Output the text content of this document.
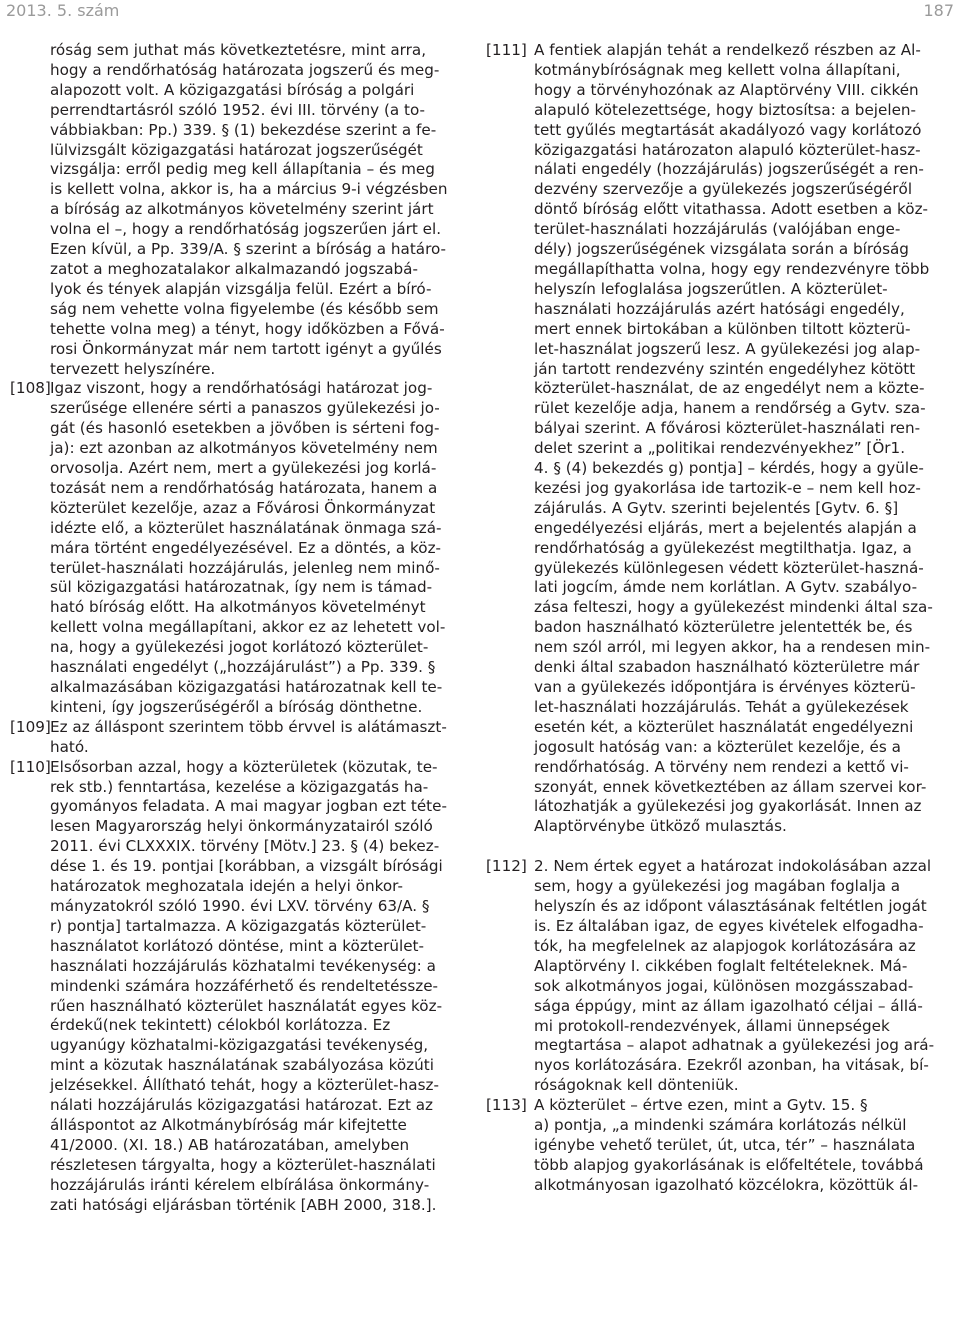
2013. 5. szám	187
róság sem juthat más következtetésre, mint arra,
hogy a rendőrhatóság határozata jogszerű és meg-
alapozott volt. A közigazgatási bíróság a polgári
perrendtartásról szóló 1952. évi III. törvény (a to-
vábbiakban: Pp.) 339. § (1) bekezdése szerint a fe-
lülvizsgált közigazgatási határozat jogszerűségét
vizsgálja: erről pedig meg kell állapítania – és meg
is kellett volna, akkor is, ha a március 9-i végzésben
a bíróság az alkotmányos követelmény szerint járt
volna el –, hogy a rendőrhatóság jogszerűen járt el.
Ezen kívül, a Pp. 339/A. § szerint a bíróság a határo-
zatot a meghozatalakor alkalmazandó jogszabá-
lyok és tények alapján vizsgálja felül. Ezért a bíró-
ság nem vehette volna figyelembe (és később sem
tehette volna meg) a tényt, hogy időközben a Fővá-
rosi Önkormányzat már nem tartott igényt a gyűlés
tervezett helyszínére.
[108] Igaz viszont, hogy a rendőrhatósági határozat jog-
szerűsége ellenére sérti a panaszos gyülekezési jo-
gát (és hasonló esetekben a jövőben is sérteni fog-
ja): ezt azonban az alkotmányos követelmény nem
orvosolja. Azért nem, mert a gyülekezési jog korlá-
tozását nem a rendőrhatóság határozata, hanem a
közterület kezelője, azaz a Fővárosi Önkormányzat
idézte elő, a közterület használatának önmaga szá-
mára történt engedélyezésével. Ez a döntés, a köz-
terület-használati hozzájárulás, jelenleg nem minő-
sül közigazgatási határozatnak, így nem is támad-
ható bíróság előtt. Ha alkotmányos követelményt
kellett volna megállapítani, akkor ez az lehetett vol-
na, hogy a gyülekezési jogot korlátozó közterület-
használati engedélyt („hozzájárulást”) a Pp. 339. §
alkalmazásában közigazgatási határozatnak kell te-
kinteni, így jogszerűségéről a bíróság dönthetne.
[109] Ez az álláspont szerintem több érvvel is alátámaszt-
ható.
[110] Elsősorban azzal, hogy a közterületek (közutak, te-
rek stb.) fenntartása, kezelése a közigazgatás ha-
gyományos feladata. A mai magyar jogban ezt téte-
lesen Magyarország helyi önkormányzatairól szóló
2011. évi CLXXXIX. törvény [Mötv.] 23. § (4) bekez-
dése 1. és 19. pontjai [korábban, a vizsgált bírósági
határozatok meghozatala idején a helyi önkor-
mányzatokról szóló 1990. évi LXV. törvény 63/A. §
r) pontja] tartalmazza. A közigazgatás közterület-
használatot korlátozó döntése, mint a közterület-
használati hozzájárulás közhatalmi tevékenység: a
mindenki számára hozzáférhető és rendeltetéssze-
rűen használható közterület használatát egyes köz-
érdekű(nek tekintett) célokból korlátozza. Ez
ugyanúgy közhatalmi-közigazgatási tevékenység,
mint a közutak használatának szabályozása közúti
jelzésekkel. Állítható tehát, hogy a közterület-hasz-
nálati hozzájárulás közigazgatási határozat. Ezt az
álláspontot az Alkotmánybíróság már kifejtette
41/2000. (XI. 18.) AB határozatában, amelyben
részletesen tárgyalta, hogy a közterület-használati
hozzájárulás iránti kérelem elbírálása önkormány-
zati hatósági eljárásban történik [ABH 2000, 318.].
[111] A fentiek alapján tehát a rendelkező részben az Al-
kotmánybíróságnak meg kellett volna állapítani,
hogy a törvényhozónak az Alaptörvény VIII. cikkén
alapuló kötelezettsége, hogy biztosítsa: a bejelen-
tett gyűlés megtartását akadályozó vagy korlátozó
közigazgatási határozaton alapuló közterület-hasz-
nálati engedély (hozzájárulás) jogszerűségét a ren-
dezvény szervezője a gyülekezés jogszerűségéről
döntő bíróság előtt vitathassa. Adott esetben a köz-
terület-használati hozzájárulás (valójában enge-
dély) jogszerűségének vizsgálata során a bíróság
megállapíthatta volna, hogy egy rendezvényre több
helyszín lefoglalása jogszerűtlen. A közterület-
használati hozzájárulás azért hatósági engedély,
mert ennek birtokában a különben tiltott közterü-
let-használat jogszerű lesz. A gyülekezési jog alap-
ján tartott rendezvény szintén engedélyhez kötött
közterület-használat, de az engedélyt nem a közte-
rület kezelője adja, hanem a rendőrség a Gytv. sza-
bályai szerint. A fővárosi közterület-használati ren-
delet szerint a „politikai rendezvényekhez” [Ör1.
4. § (4) bekezdés g) pontja] – kérdés, hogy a gyüle-
kezési jog gyakorlása ide tartozik-e – nem kell hoz-
zájárulás. A Gytv. szerinti bejelentés [Gytv. 6. §]
engedélyezési eljárás, mert a bejelentés alapján a
rendőrhatóság a gyülekezést megtilthatja. Igaz, a
gyülekezés különlegesen védett közterület-haszná-
lati jogcím, ámde nem korlátlan. A Gytv. szabályo-
zása felteszi, hogy a gyülekezést mindenki által sza-
badon használható közterületre jelentették be, és
nem szól arról, mi legyen akkor, ha a rendesen min-
denki által szabadon használható közterületre már
van a gyülekezés időpontjára is érvényes közterü-
let-használati hozzájárulás. Tehát a gyülekezések
esetén két, a közterület használatát engedélyezni
jogosult hatóság van: a közterület kezelője, és a
rendőrhatóság. A törvény nem rendezi a kettő vi-
szonyát, ennek következtében az állam szervei kor-
látozhatják a gyülekezési jog gyakorlását. Innen az
Alaptörvénybe ütköző mulasztás.
[112] 2. Nem értek egyet a határozat indokolásában azzal
sem, hogy a gyülekezési jog magában foglalja a
helyszín és az időpont választásának feltétlen jogát
is. Ez általában igaz, de egyes kivételek elfogadha-
tók, ha megfelelnek az alapjogok korlátozására az
Alaptörvény I. cikkében foglalt feltételeknek. Má-
sok alkotmányos jogai, különösen mozgásszabad-
sága éppúgy, mint az állam igazolható céljai – állá-
mi protokoll-rendezvények, állami ünnepségek
megtartása – alapot adhatnak a gyülekezési jog ará-
nyos korlátozására. Ezekről azonban, ha vitásak, bí-
róságoknak kell dönteniük.
[113] A közterület – értve ezen, mint a Gytv. 15. §
a) pontja, „a mindenki számára korlátozás nélkül
igénybe vehető terület, út, utca, tér” – használata
több alapjog gyakorlásának is előfeltétele, továbbá
alkotmányosan igazolható közcélokra, közöttük ál-
